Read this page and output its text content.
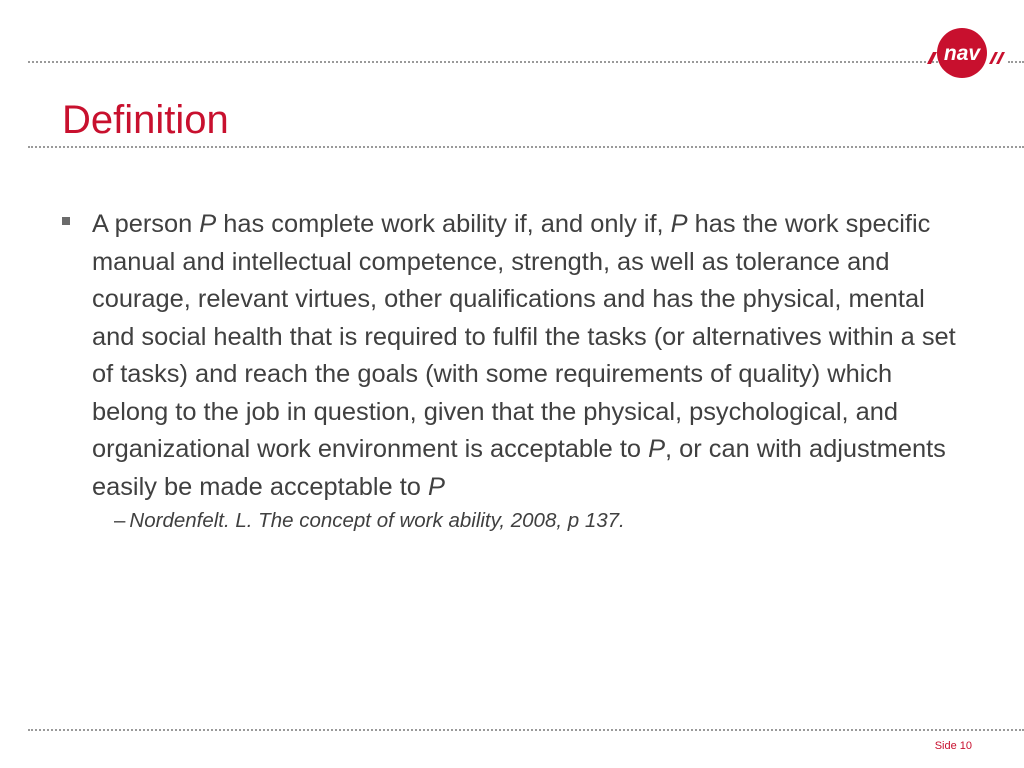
nav
Definition

A person P has complete work ability if, and only if, P has the work specific manual and intellectual competence, strength, as well as tolerance and courage, relevant virtues, other qualifications and has the physical, mental and social health that is required to fulfil the tasks (or alternatives within a set of tasks) and reach the goals (with some requirements of quality) which belong to the job in question, given that the physical, psychological, and organizational work environment is acceptable to P, or can with adjustments easily be made acceptable to P

– Nordenfelt. L. The concept of work ability, 2008, p 137.

Side 10
